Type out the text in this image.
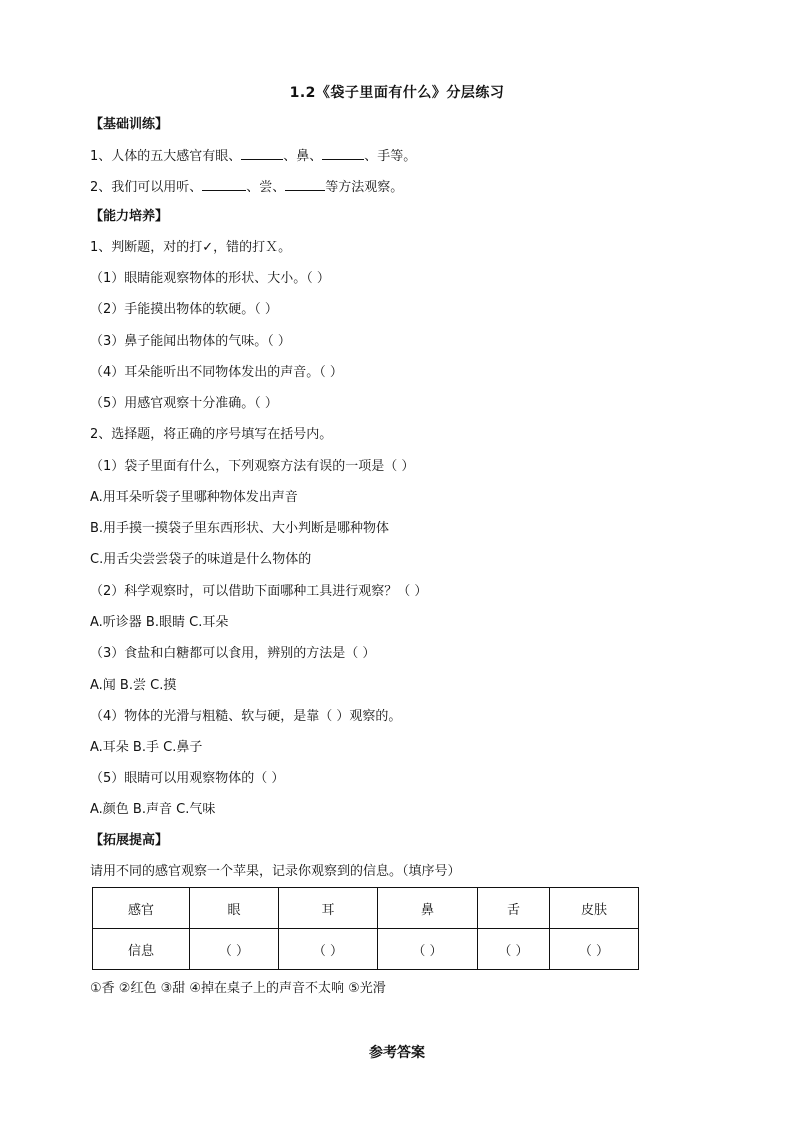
1.2《袋子里面有什么》分层练习
【基础训练】
1、人体的五大感官有眼、	、鼻、	、手等。
2、我们可以用听、	、尝、	等方法观察。
【能力培养】
1、判断题，对的打✓，错的打Ｘ。
（1）眼睛能观察物体的形状、大小。（ ）
（2）手能摸出物体的软硬。（ ）
（3）鼻子能闻出物体的气味。（ ）
（4）耳朵能听出不同物体发出的声音。（ ）
（5）用感官观察十分准确。（ ）
2、选择题，将正确的序号填写在括号内。
（1）袋子里面有什么，下列观察方法有误的一项是（ ）
A.用耳朵听袋子里哪种物体发出声音
B.用手摸一摸袋子里东西形状、大小判断是哪种物体
C.用舌尖尝尝袋子的味道是什么物体的
（2）科学观察时，可以借助下面哪种工具进行观察？（ ）
A.听诊器 B.眼睛 C.耳朵
（3）食盐和白糖都可以食用，辨别的方法是（ ）
A.闻 B.尝 C.摸
（4）物体的光滑与粗糙、软与硬，是靠（ ）观察的。
A.耳朵 B.手 C.鼻子
（5）眼睛可以用观察物体的（ ）
A.颜色 B.声音 C.气味
【拓展提高】
请用不同的感官观察一个苹果，记录你观察到的信息。（填序号）
感官	眼	耳	鼻	舌	皮肤
信息	（ ）	（ ）	（ ）	（ ）	（ ）
①香 ②红色 ③甜 ④掉在桌子上的声音不太响 ⑤光滑
参考答案
